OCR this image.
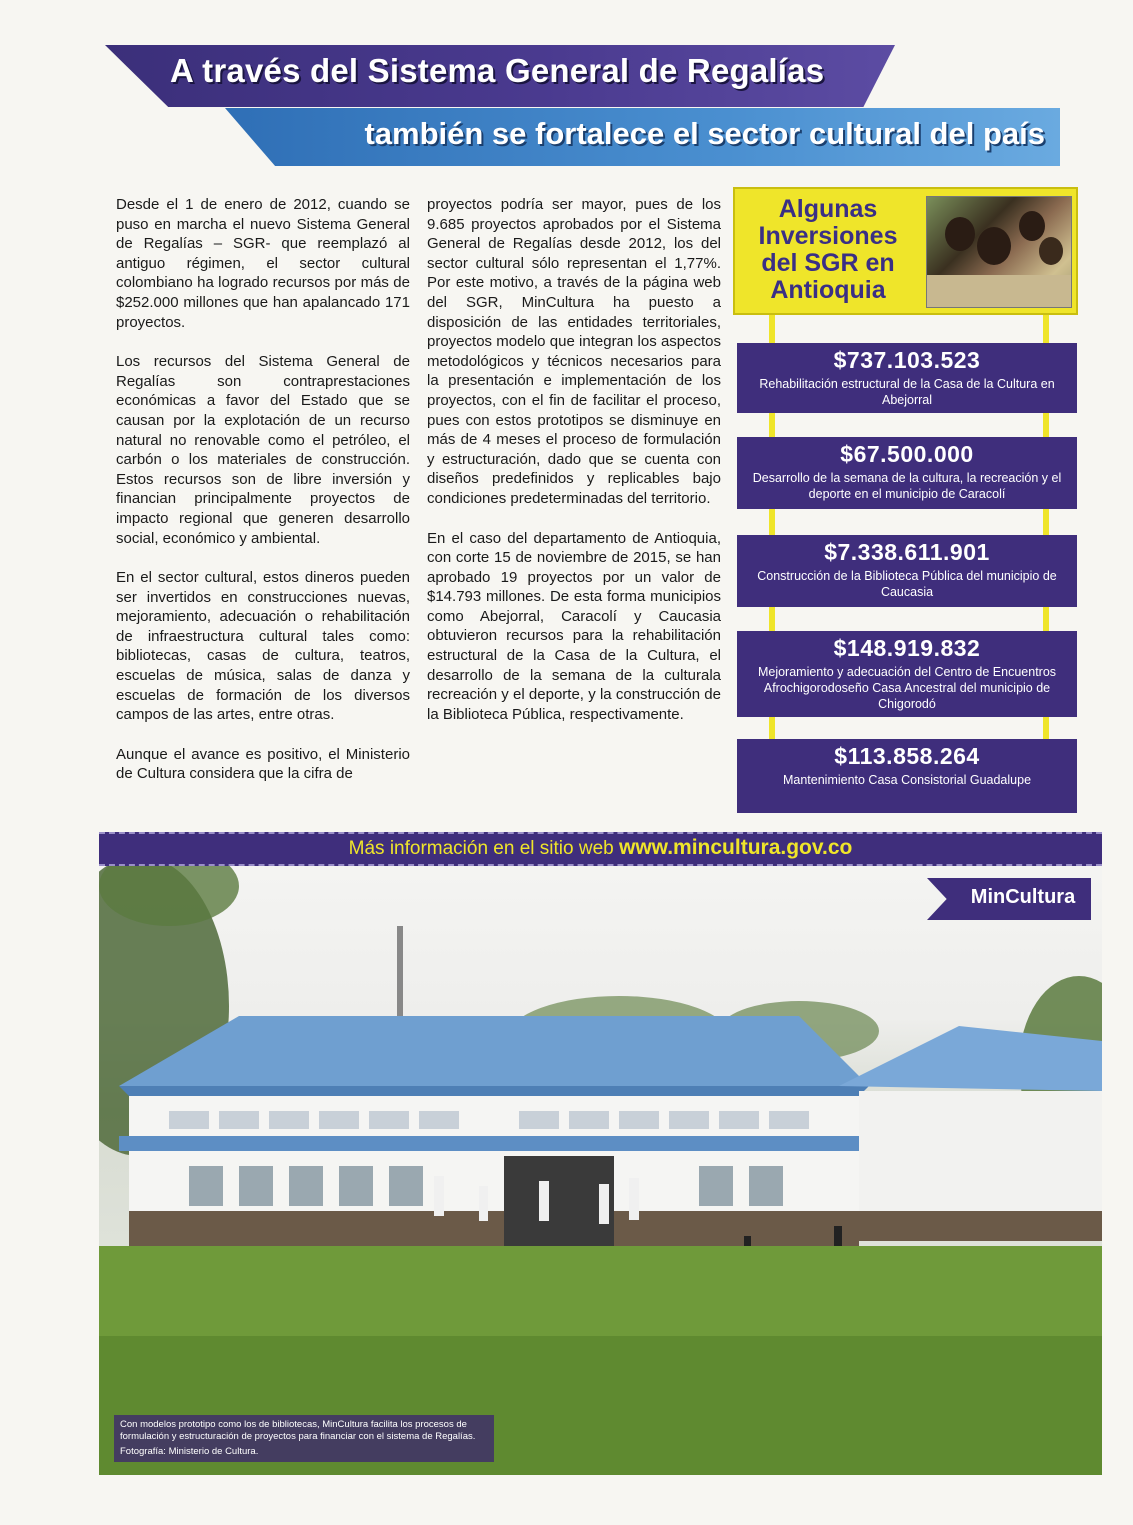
A través del Sistema General de Regalías
también se fortalece el sector cultural del país

Desde el 1 de enero de 2012, cuando se puso en marcha el nuevo Sistema General de Regalías – SGR- que reemplazó al antiguo régimen, el sector cultural colombiano ha logrado recursos por más de $252.000 millones que han apalancado 171 proyectos.

Los recursos del Sistema General de Regalías son contraprestaciones económicas a favor del Estado que se causan por la explotación de un recurso natural no renovable como el petróleo, el carbón o los materiales de construcción. Estos recursos son de libre inversión y financian principalmente proyectos de impacto regional que generen desarrollo social, económico y ambiental.

En el sector cultural, estos dineros pueden ser invertidos en construcciones nuevas, mejoramiento, adecuación o rehabilitación de infraestructura cultural tales como: bibliotecas, casas de cultura, teatros, escuelas de música, salas de danza y escuelas de formación de los diversos campos de las artes, entre otras.

Aunque el avance es positivo, el Ministerio de Cultura considera que la cifra de

proyectos podría ser mayor, pues de los 9.685 proyectos aprobados por el Sistema General de Regalías desde 2012, los del sector cultural sólo representan el 1,77%. Por este motivo, a través de la página web del SGR, MinCultura ha puesto a disposición de las entidades territoriales, proyectos modelo que integran los aspectos metodológicos y técnicos necesarios para la presentación e implementación de los proyectos, con el fin de facilitar el proceso, pues con estos prototipos se disminuye en más de 4 meses el proceso de formulación y estructuración, dado que se cuenta con diseños predefinidos y replicables bajo condiciones predeterminadas del territorio.

En el caso del departamento de Antioquia, con corte 15 de noviembre de 2015, se han aprobado 19 proyectos por un valor de $14.793 millones. De esta forma municipios como Abejorral, Caracolí y Caucasia obtuvieron recursos para la rehabilitación estructural de la Casa de la Cultura, el desarrollo de la semana de la culturala recreación y el deporte, y la construcción de la Biblioteca Pública, respectivamente.

Algunas Inversiones del SGR en Antioquia
$737.103.523
Rehabilitación estructural de la Casa de la Cultura en Abejorral
$67.500.000
Desarrollo de la semana de la cultura, la recreación y el deporte en el municipio de Caracolí
$7.338.611.901
Construcción de la Biblioteca Pública del municipio de Caucasia
$148.919.832
Mejoramiento y adecuación del Centro de Encuentros Afrochigorodoseño Casa Ancestral del municipio de Chigorodó
$113.858.264
Mantenimiento Casa Consistorial Guadalupe
Más información en el sitio web www.mincultura.gov.co
MinCultura
Con modelos prototipo como los de bibliotecas, MinCultura facilita los procesos de formulación y estructuración de proyectos para financiar con el sistema de Regalías.
Fotografía: Ministerio de Cultura.
